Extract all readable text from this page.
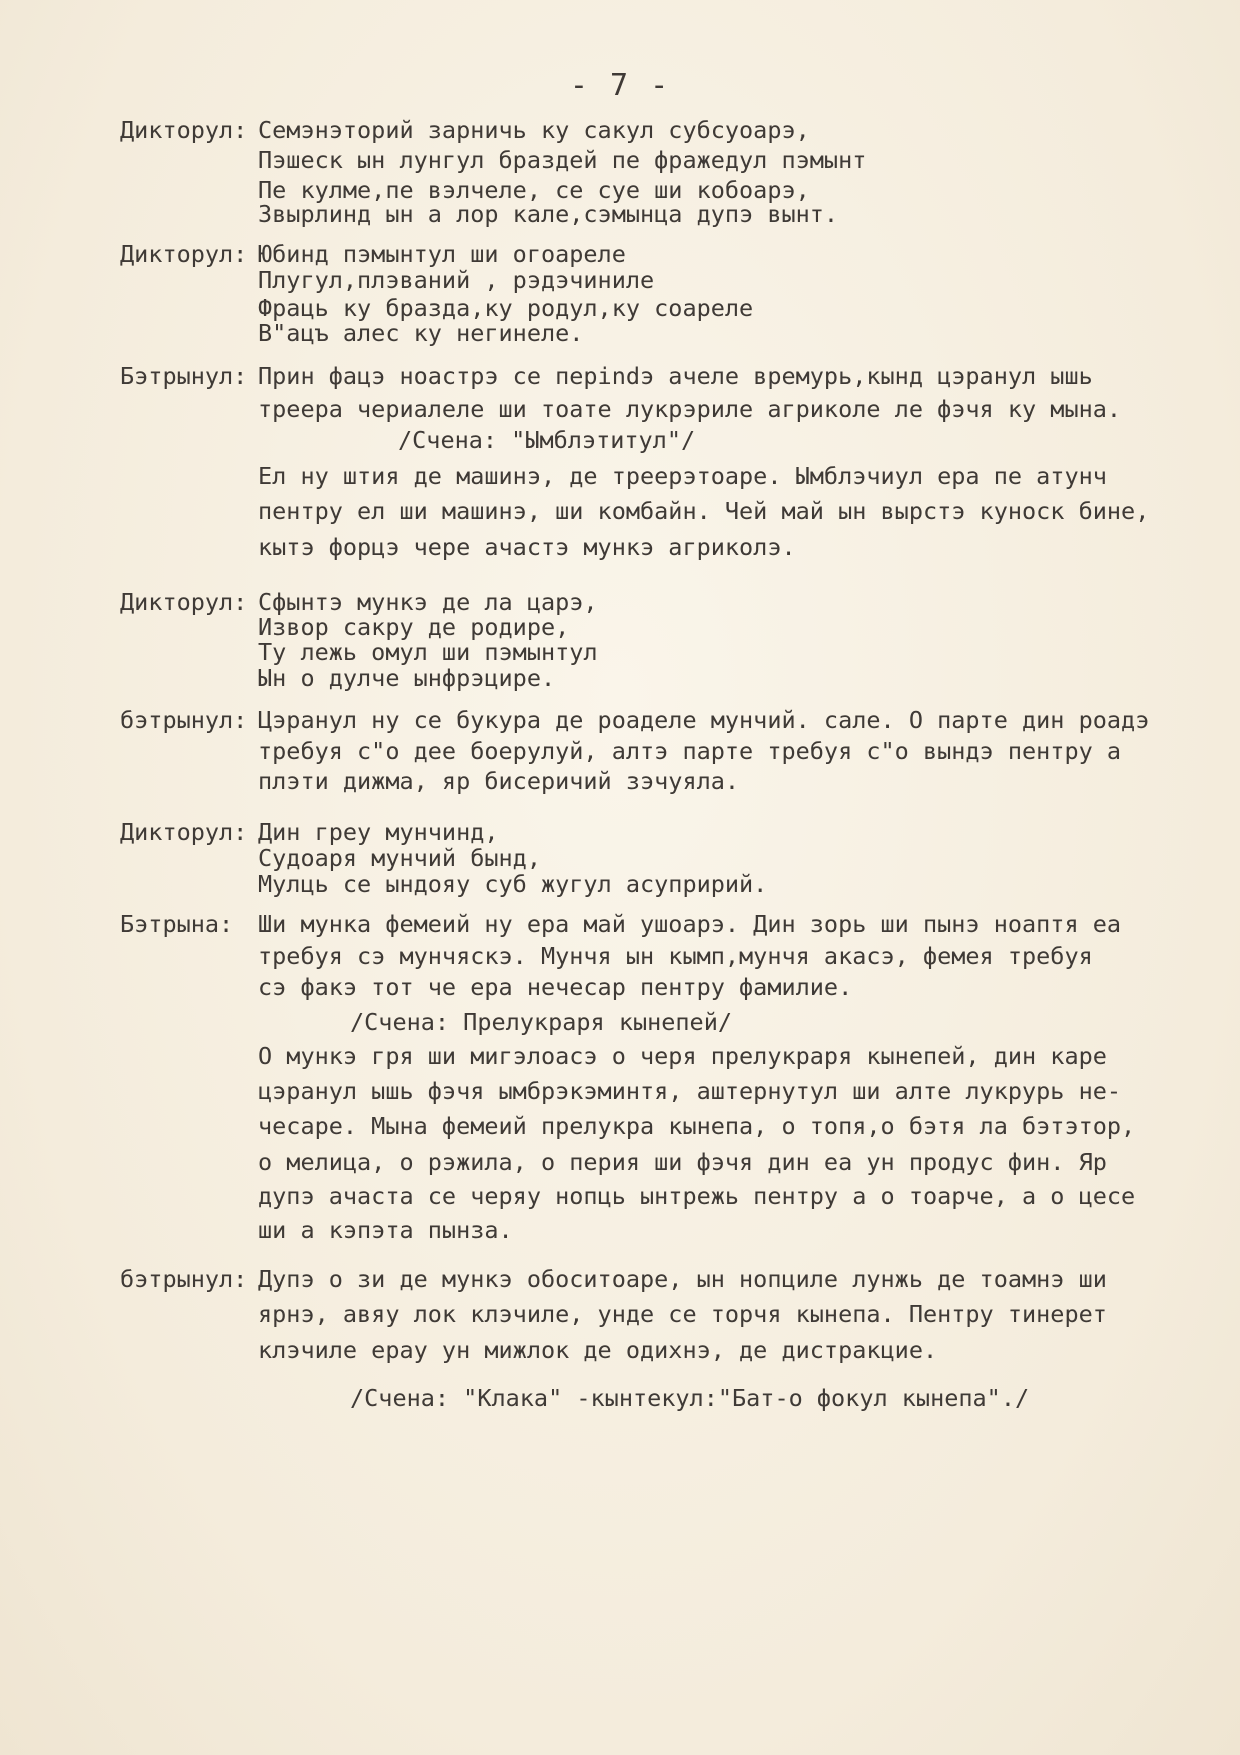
- 7 -
Дикторул: Семэнэторий зарничь ку сакул субсуоарэ,
Пэшеск ын лунгул браздей пе фражедул пэмынт
Пе кулме,пе вэлчеле, се суе ши кобоарэ,
Звырлинд ын а лор кале,сэмынца дупэ вынт.
Дикторул: Юбинд пэмынтул ши огоареле
Плугул,плэваний , рэдэчиниле
Фраць ку бразда,ку родул,ку соареле
В"ацъ алес ку негинеле.
Бэтрынул: Прин фацэ ноастрэ се перindэ ачеле времурь,кынд цэранул ышь
треера чериалеле ши тоате лукрэриле агриколе ле фэчя ку мына.
/Счена: "Ымблэтитул"/
Ел ну штия де машинэ, де треерэтоаре. Ымблэчиул ера пе атунч
пентру ел ши машинэ, ши комбайн. Чей май ын вырстэ куноск бине,
кытэ форцэ чере ачастэ мункэ агриколэ.
Дикторул: Сфынтэ мункэ де ла царэ,
Извор сакру де родире,
Ту лежь омул ши пэмынтул
Ын о дулче ынфрэцире.
бэтрынул: Цэранул ну се букура де роаделе мунчий. сале. О парте дин роадэ
требуя с"о дее боерулуй, алтэ парте требуя с"о вындэ пентру а
плэти дижма, яр бисеричий зэчуяла.
Дикторул: Дин греу мунчинд,
Судоаря мунчий бынд,
Мулць се ындояу суб жугул асупририй.
Бэтрына: Ши мунка фемеий ну ера май ушоарэ. Дин зорь ши пынэ ноаптя еа
требуя сэ мунчяскэ. Мунчя ын кымп,мунчя акасэ, фемея требуя
сэ факэ тот че ера нечесар пентру фамилие.
/Счена: Прелукраря кынепей/
О мункэ гря ши мигэлоасэ о черя прелукраря кынепей, дин каре
цэранул ышь фэчя ымбрэкэминтя, аштернутул ши алте лукрурь не-
чесаре. Мына фемеий прелукра кынепа, о топя,о бэтя ла бэтэтор,
о мелица, о рэжила, о перия ши фэчя дин еа ун продус фин. Яр
дупэ ачаста се черяу нопць ынтрежь пентру а о тоарче, а о цесе
ши а кэпэта пынза.
бэтрынул: Дупэ о зи де мункэ обоситоаре, ын нопциле лунжь де тоамнэ ши
ярнэ, авяу лок клэчиле, унде се торчя кынепа. Пентру тинерет
клэчиле ерау ун мижлок де одихнэ, де дистракцие.
/Счена: "Клака" -кынтекул:"Бат-о фокул кынепа"./
